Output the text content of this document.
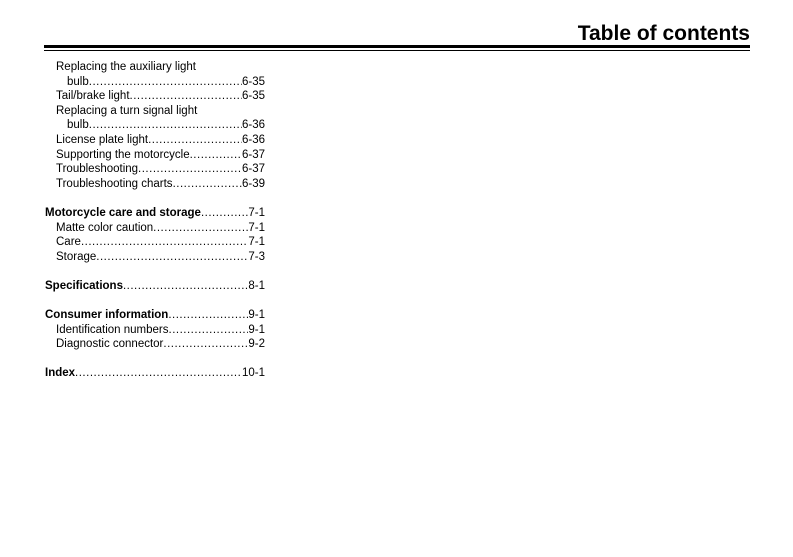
Table of contents
Replacing the auxiliary light
bulb .....	6-35
Tail/brake light .....	6-35
Replacing a turn signal light
bulb .....	6-36
License plate light .....	6-36
Supporting the motorcycle .....	6-37
Troubleshooting .....	6-37
Troubleshooting charts .....	6-39
Motorcycle care and storage .....	7-1
Matte color caution .....	7-1
Care .....	7-1
Storage .....	7-3
Specifications .....	8-1
Consumer information .....	9-1
Identification numbers .....	9-1
Diagnostic connector .....	9-2
Index .....	10-1
